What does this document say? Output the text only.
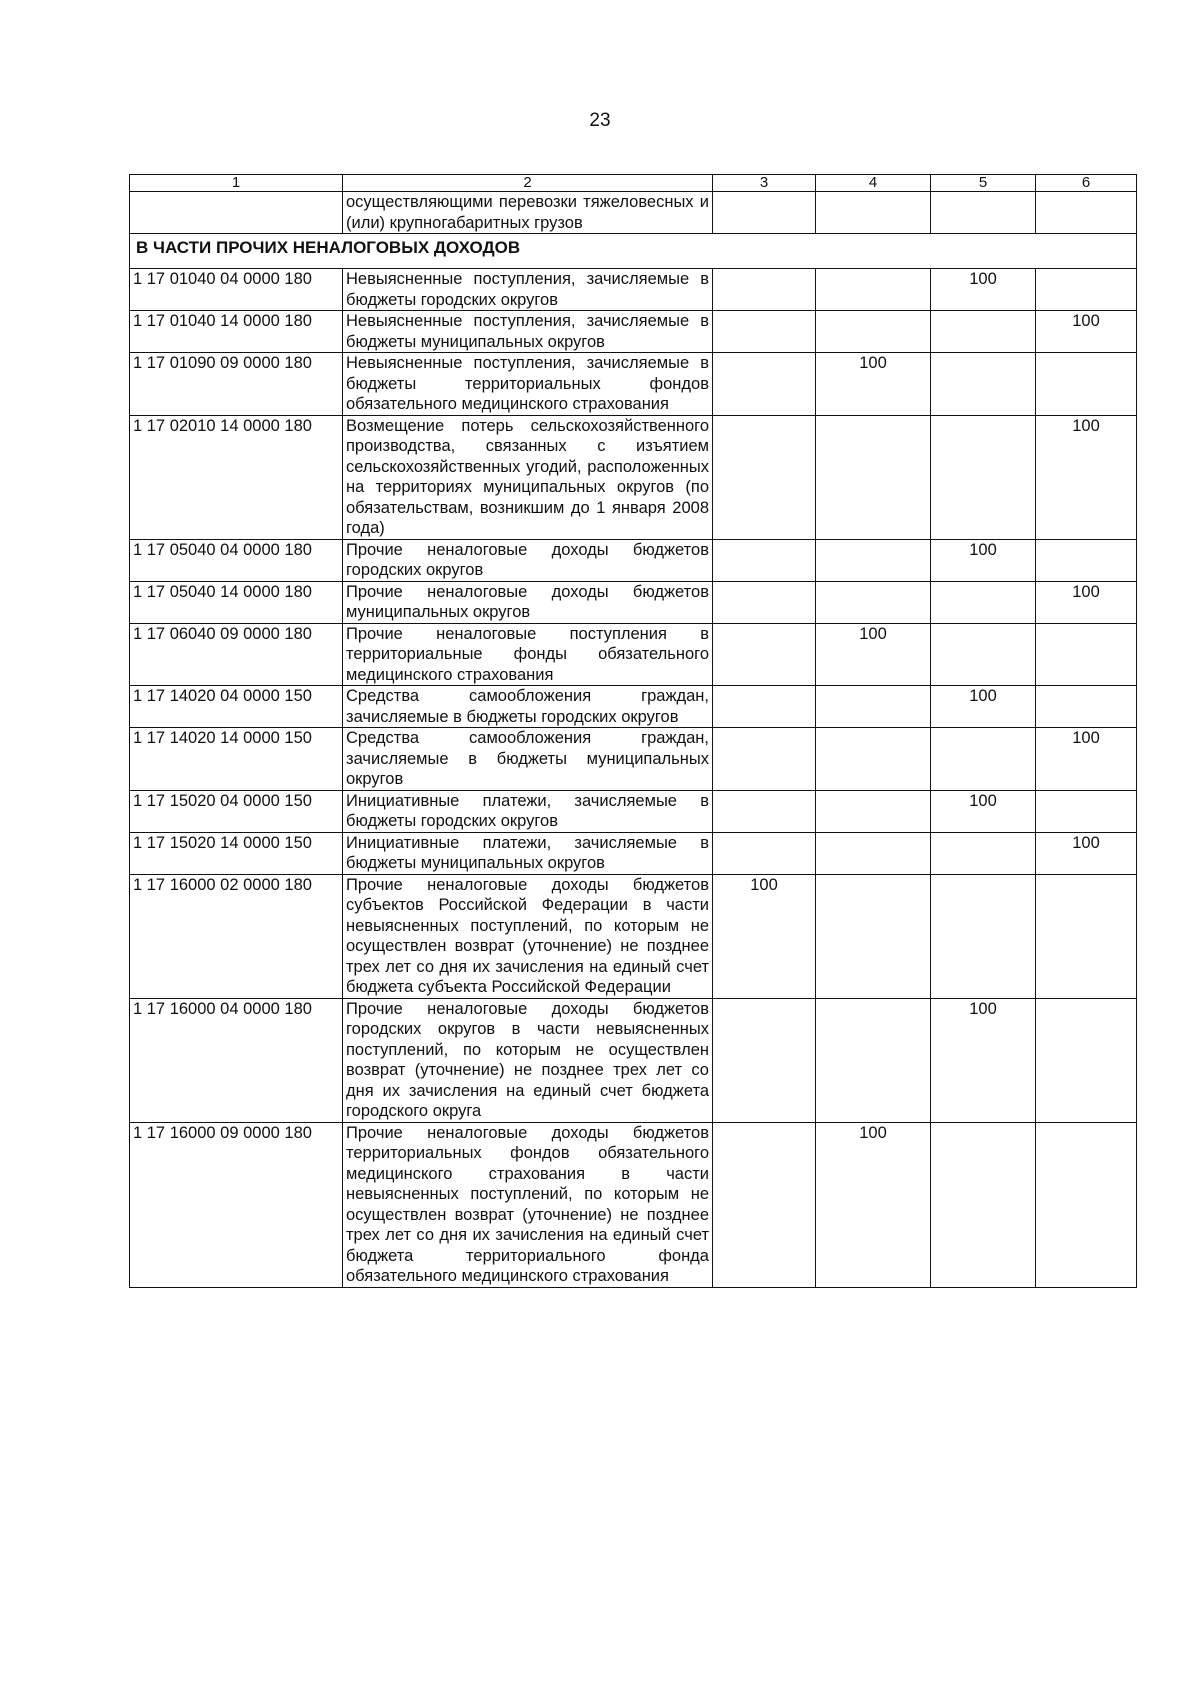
23
1	2	3	4	5	6
	осуществляющими перевозки тяжеловесных и (или) крупногабаритных грузов				
В ЧАСТИ ПРОЧИХ НЕНАЛОГОВЫХ ДОХОДОВ					
1 17 01040 04 0000 180	Невыясненные поступления, зачисляемые в бюджеты городских округов			100	
1 17 01040 14 0000 180	Невыясненные поступления, зачисляемые в бюджеты муниципальных округов				100
1 17 01090 09 0000 180	Невыясненные поступления, зачисляемые в бюджеты территориальных фондов обязательного медицинского страхования		100		
1 17 02010 14 0000 180	Возмещение потерь сельскохозяйственного производства, связанных с изъятием сельскохозяйственных угодий, расположенных на территориях муниципальных округов (по обязательствам, возникшим до 1 января 2008 года)				100
1 17 05040 04 0000 180	Прочие неналоговые доходы бюджетов городских округов			100	
1 17 05040 14 0000 180	Прочие неналоговые доходы бюджетов муниципальных округов				100
1 17 06040 09 0000 180	Прочие неналоговые поступления в территориальные фонды обязательного медицинского страхования		100		
1 17 14020 04 0000 150	Средства самообложения граждан, зачисляемые в бюджеты городских округов			100	
1 17 14020 14 0000 150	Средства самообложения граждан, зачисляемые в бюджеты муниципальных округов				100
1 17 15020 04 0000 150	Инициативные платежи, зачисляемые в бюджеты городских округов			100	
1 17 15020 14 0000 150	Инициативные платежи, зачисляемые в бюджеты муниципальных округов				100
1 17 16000 02 0000 180	Прочие неналоговые доходы бюджетов субъектов Российской Федерации в части невыясненных поступлений, по которым не осуществлен возврат (уточнение) не позднее трех лет со дня их зачисления на единый счет бюджета субъекта Российской Федерации	100			
1 17 16000 04 0000 180	Прочие неналоговые доходы бюджетов городских округов в части невыясненных поступлений, по которым не осуществлен возврат (уточнение) не позднее трех лет со дня их зачисления на единый счет бюджета городского округа			100	
1 17 16000 09 0000 180	Прочие неналоговые доходы бюджетов территориальных фондов обязательного медицинского страхования в части невыясненных поступлений, по которым не осуществлен возврат (уточнение) не позднее трех лет со дня их зачисления на единый счет бюджета территориального фонда обязательного медицинского страхования		100		
